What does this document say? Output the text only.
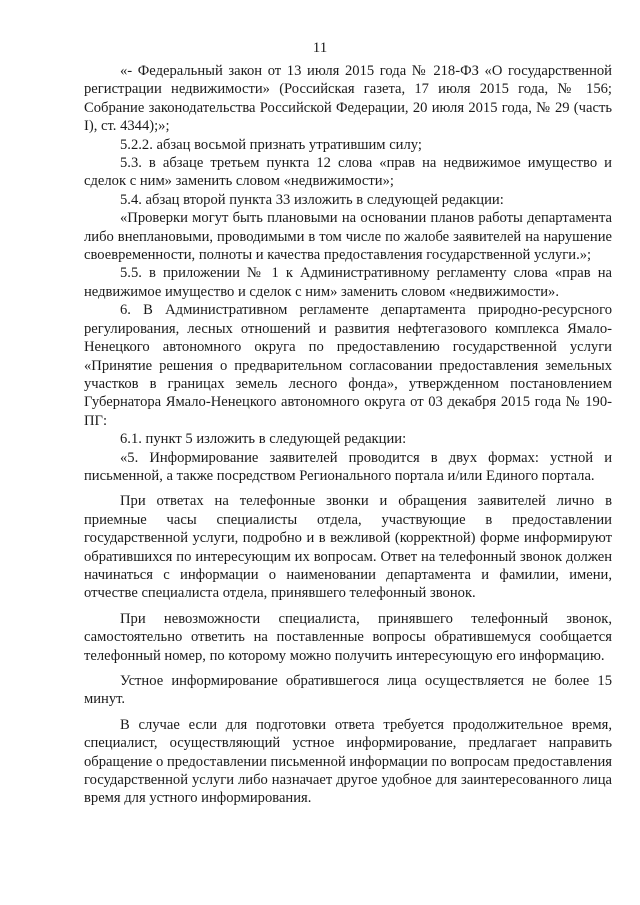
11

«- Федеральный закон от 13 июля 2015 года № 218-ФЗ «О государственной регистрации недвижимости» (Российская газета, 17 июля 2015 года, № 156; Собрание законодательства Российской Федерации, 20 июля 2015 года, № 29 (часть I), ст. 4344);»;

5.2.2. абзац восьмой признать утратившим силу;

5.3. в абзаце третьем пункта 12 слова «прав на недвижимое имущество и сделок с ним» заменить словом «недвижимости»;

5.4. абзац второй пункта 33 изложить в следующей редакции:

«Проверки могут быть плановыми на основании планов работы департамента либо внеплановыми, проводимыми в том числе по жалобе заявителей на нарушение своевременности, полноты и качества предоставления государственной услуги.»;

5.5. в приложении № 1 к Административному регламенту слова «прав на недвижимое имущество и сделок с ним» заменить словом «недвижимости».

6. В Административном регламенте департамента природно-ресурсного регулирования, лесных отношений и развития нефтегазового комплекса Ямало-Ненецкого автономного округа по предоставлению государственной услуги «Принятие решения о предварительном согласовании предоставления земельных участков в границах земель лесного фонда», утвержденном постановлением Губернатора Ямало-Ненецкого автономного округа от 03 декабря 2015 года № 190-ПГ:

6.1. пункт 5 изложить в следующей редакции:

«5. Информирование заявителей проводится в двух формах: устной и письменной, а также посредством Регионального портала и/или Единого портала.

При ответах на телефонные звонки и обращения заявителей лично в приемные часы специалисты отдела, участвующие в предоставлении государственной услуги, подробно и в вежливой (корректной) форме информируют обратившихся по интересующим их вопросам. Ответ на телефонный звонок должен начинаться с информации о наименовании департамента и фамилии, имени, отчестве специалиста отдела, принявшего телефонный звонок.

При невозможности специалиста, принявшего телефонный звонок, самостоятельно ответить на поставленные вопросы обратившемуся сообщается телефонный номер, по которому можно получить интересующую его информацию.

Устное информирование обратившегося лица осуществляется не более 15 минут.

В случае если для подготовки ответа требуется продолжительное время, специалист, осуществляющий устное информирование, предлагает направить обращение о предоставлении письменной информации по вопросам предоставления государственной услуги либо назначает другое удобное для заинтересованного лица время для устного информирования.
